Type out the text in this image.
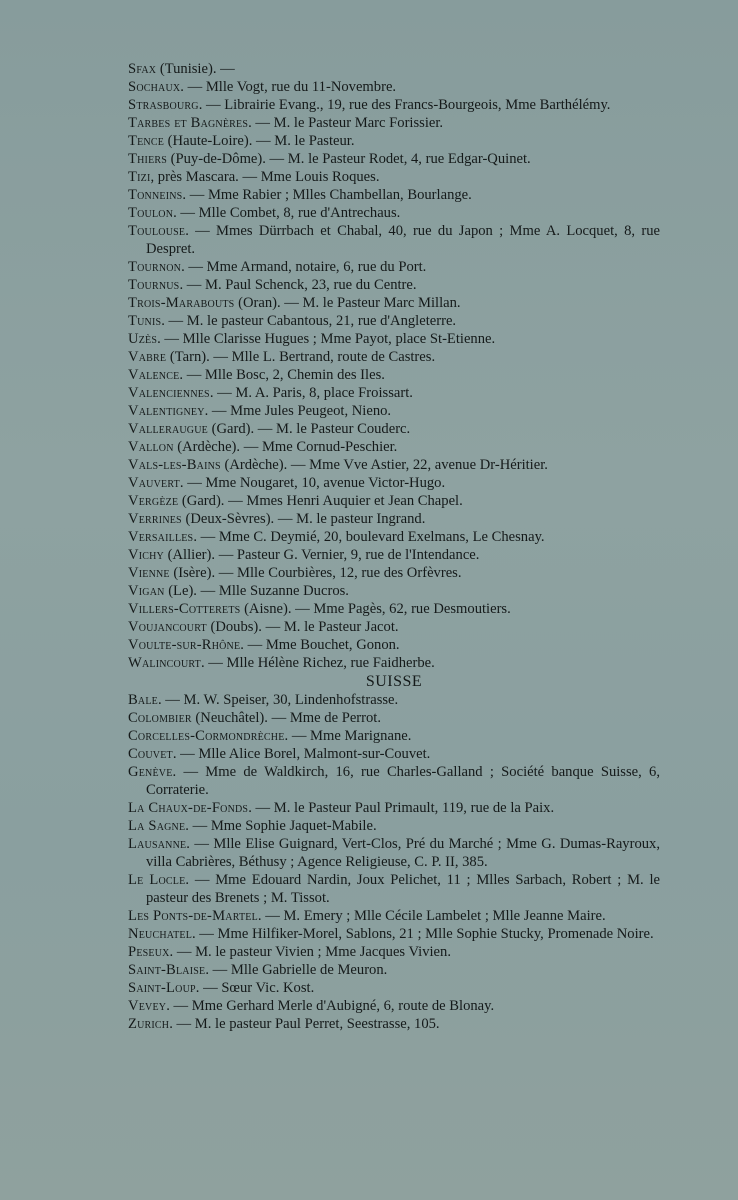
Sfax (Tunisie). —
Sochaux. — Mlle Vogt, rue du 11-Novembre.
Strasbourg. — Librairie Evang., 19, rue des Francs-Bourgeois, Mme Barthélémy.
Tarbes et Bagnères. — M. le Pasteur Marc Forissier.
Tence (Haute-Loire). — M. le Pasteur.
Thiers (Puy-de-Dôme). — M. le Pasteur Rodet, 4, rue Edgar-Quinet.
Tizi, près Mascara. — Mme Louis Roques.
Tonneins. — Mme Rabier ; Mlles Chambellan, Bourlange.
Toulon. — Mlle Combet, 8, rue d'Antrechaus.
Toulouse. — Mmes Dürrbach et Chabal, 40, rue du Japon ; Mme A. Locquet, 8, rue Despret.
Tournon. — Mme Armand, notaire, 6, rue du Port.
Tournus. — M. Paul Schenck, 23, rue du Centre.
Trois-Marabouts (Oran). — M. le Pasteur Marc Millan.
Tunis. — M. le pasteur Cabantous, 21, rue d'Angleterre.
Uzès. — Mlle Clarisse Hugues ; Mme Payot, place St-Etienne.
Vabre (Tarn). — Mlle L. Bertrand, route de Castres.
Valence. — Mlle Bosc, 2, Chemin des Iles.
Valenciennes. — M. A. Paris, 8, place Froissart.
Valentigney. — Mme Jules Peugeot, Nieno.
Valleraugue (Gard). — M. le Pasteur Couderc.
Vallon (Ardèche). — Mme Cornud-Peschier.
Vals-les-Bains (Ardèche). — Mme Vve Astier, 22, avenue Dr-Héritier.
Vauvert. — Mme Nougaret, 10, avenue Victor-Hugo.
Vergèze (Gard). — Mmes Henri Auquier et Jean Chapel.
Verrines (Deux-Sèvres). — M. le pasteur Ingrand.
Versailles. — Mme C. Deymié, 20, boulevard Exelmans, Le Chesnay.
Vichy (Allier). — Pasteur G. Vernier, 9, rue de l'Intendance.
Vienne (Isère). — Mlle Courbières, 12, rue des Orfèvres.
Vigan (Le). — Mlle Suzanne Ducros.
Villers-Cotterets (Aisne). — Mme Pagès, 62, rue Desmoutiers.
Voujancourt (Doubs). — M. le Pasteur Jacot.
Voulte-sur-Rhône. — Mme Bouchet, Gonon.
Walincourt. — Mlle Hélène Richez, rue Faidherbe.
SUISSE
Bale. — M. W. Speiser, 30, Lindenhofstrasse.
Colombier (Neuchâtel). — Mme de Perrot.
Corcelles-Cormondrèche. — Mme Marignane.
Couvet. — Mlle Alice Borel, Malmont-sur-Couvet.
Genève. — Mme de Waldkirch, 16, rue Charles-Galland ; Société banque Suisse, 6, Corraterie.
La Chaux-de-Fonds. — M. le Pasteur Paul Primault, 119, rue de la Paix.
La Sagne. — Mme Sophie Jaquet-Mabile.
Lausanne. — Mlle Elise Guignard, Vert-Clos, Pré du Marché ; Mme G. Dumas-Rayroux, villa Cabrières, Béthusy ; Agence Religieuse, C. P. II, 385.
Le Locle. — Mme Edouard Nardin, Joux Pelichet, 11 ; Mlles Sarbach, Robert ; M. le pasteur des Brenets ; M. Tissot.
Les Ponts-de-Martel. — M. Emery ; Mlle Cécile Lambelet ; Mlle Jeanne Maire.
Neuchatel. — Mme Hilfiker-Morel, Sablons, 21 ; Mlle Sophie Stucky, Promenade Noire.
Peseux. — M. le pasteur Vivien ; Mme Jacques Vivien.
Saint-Blaise. — Mlle Gabrielle de Meuron.
Saint-Loup. — Sœur Vic. Kost.
Vevey. — Mme Gerhard Merle d'Aubigné, 6, route de Blonay.
Zurich. — M. le pasteur Paul Perret, Seestrasse, 105.
